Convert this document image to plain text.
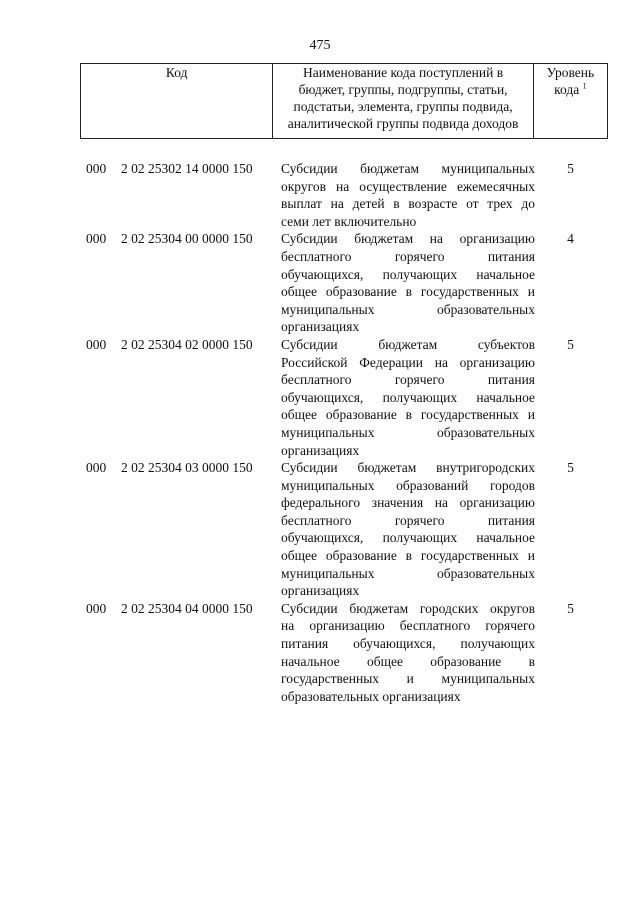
475
Код	Наименование кода поступлений в
бюджет, группы, подгруппы, статьи,
подстатьи, элемента, группы подвида,
аналитической группы подвида доходов

Уровень
кода $^1$
000	2 02 25302 14 0000 150	Субсидии бюджетам муниципальных
округов на осуществление ежемесячных
выплат на детей в возрасте от трех до
семи лет включительно
5
000	2 02 25304 00 0000 150	Субсидии бюджетам на организацию
бесплатного горячего питания
обучающихся, получающих начальное
общее образование в государственных и
муниципальных образовательных
организациях
4
000	2 02 25304 02 0000 150	Субсидии бюджетам субъектов
Российской Федерации на организацию
бесплатного горячего питания
обучающихся, получающих начальное
общее образование в государственных и
муниципальных образовательных
организациях
5
000	2 02 25304 03 0000 150	Субсидии бюджетам внутригородских
муниципальных образований городов
федерального значения на организацию
бесплатного горячего питания
обучающихся, получающих начальное
общее образование в государственных и
муниципальных образовательных
организациях
5
000	2 02 25304 04 0000 150	Субсидии бюджетам городских округов
на организацию бесплатного горячего
питания обучающихся, получающих
начальное общее образование в
государственных и муниципальных
образовательных организациях
5
